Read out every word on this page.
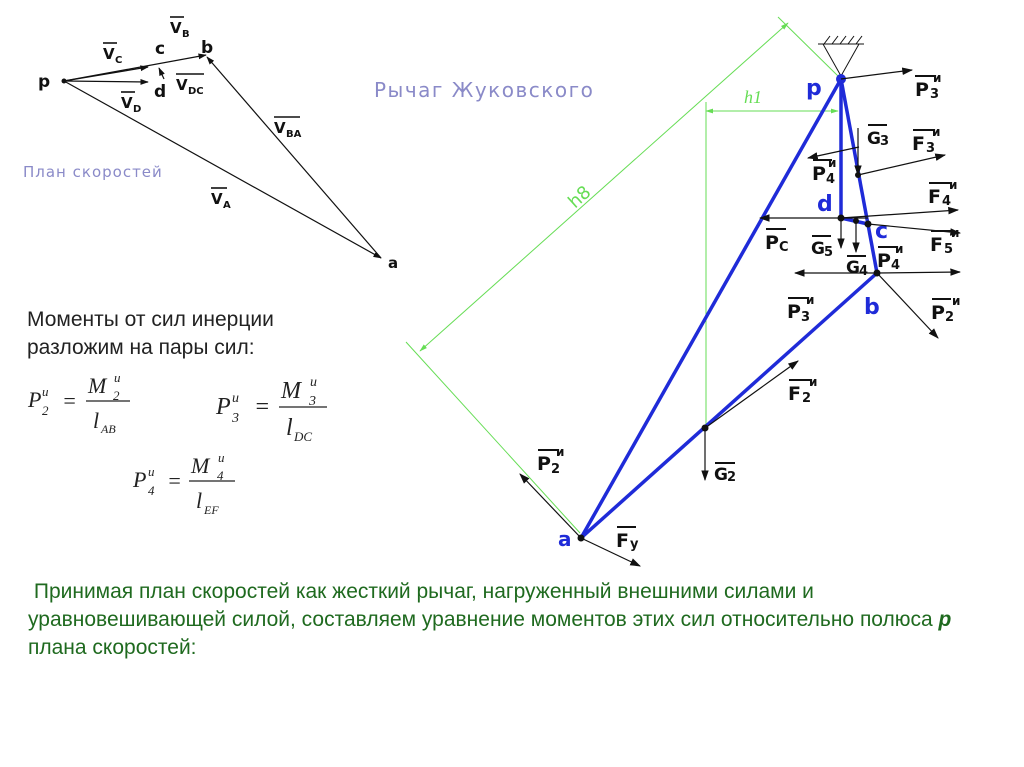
p
c b
d
a
V C
V B
V D
V DC
V BA
V A
План скоростей
Рычаг Жуковского
h8
h1 p
d
c
b
a
P 3
и
G 3 F 3
и
P 4
и
F 4
и
P C G 5	F 5
и
G 4 P 4
и
P 3
и
P 2
и
F 2
и
P 2
и
G 2
F у
P и
2 =
M и
2
l AB
P и
3 =
M и
3
l DC
P и
4 =
M и
4
l EF
Моменты от сил инерции разложим на пары сил:
Принимая план скоростей как жесткий рычаг, нагруженный внешними силами и уравновешивающей силой, составляем уравнение моментов этих сил относительно полюса p плана скоростей:
